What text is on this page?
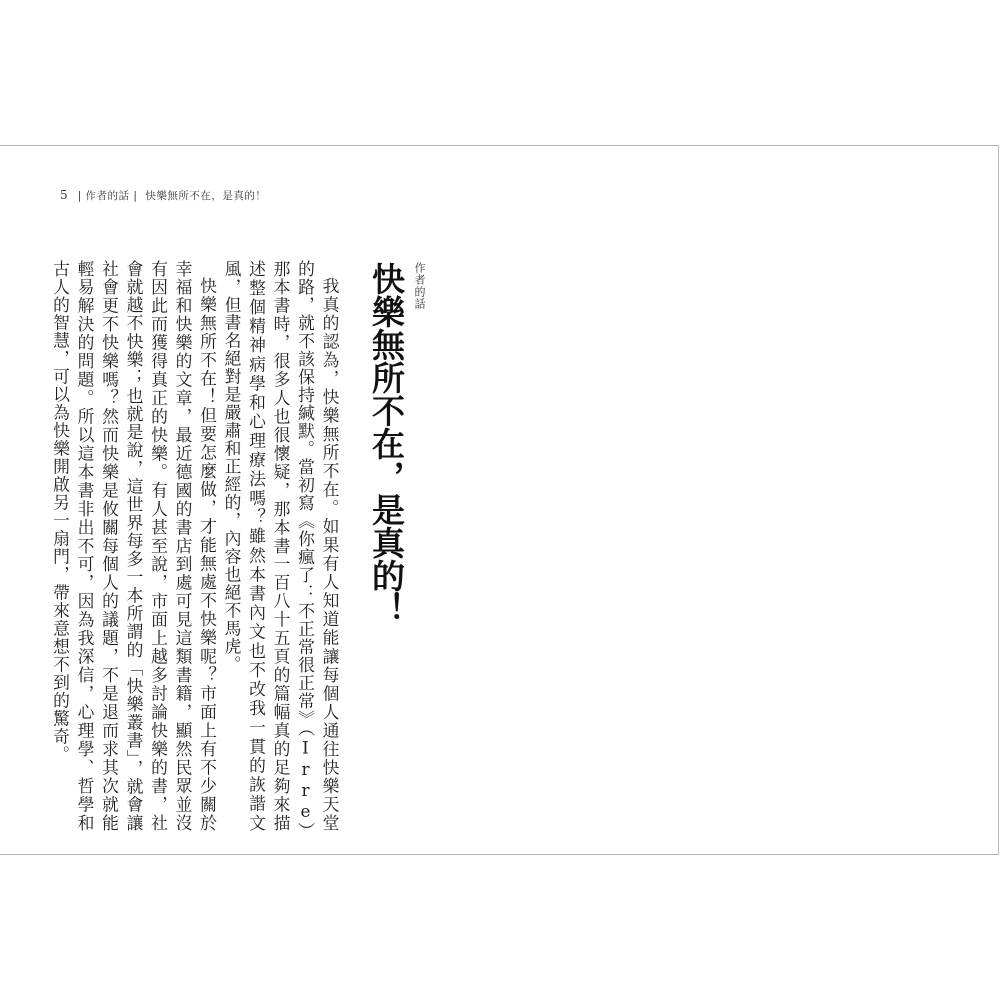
5 | 作者的話 | 快樂無所不在，是真的！
作者的話
快樂無所不在，是真的！

我真的認為，快樂無所不在。如果有人知道能讓每個人通往快樂天堂的路，就不該保持緘默。當初寫《你瘋了：不正常很正常》（Irre）那本書時，很多人也很懷疑，那本書一百八十五頁的篇幅真的足夠來描述整個精神病學和心理療法嗎？雖然本書內文也不改我一貫的詼諧文風，但書名絕對是嚴肅和正經的，內容也絕不馬虎。

快樂無所不在！但要怎麼做，才能無處不快樂呢？市面上有不少關於幸福和快樂的文章，最近德國的書店到處可見這類書籍，顯然民眾並沒有因此而獲得真正的快樂。有人甚至說，市面上越多討論快樂的書，社會就越不快樂；也就是說，這世界每多一本所謂的「快樂叢書」，就會讓社會更不快樂嗎？然而快樂是攸關每個人的議題，不是退而求其次就能輕易解決的問題。所以這本書非出不可，因為我深信，心理學、哲學和古人的智慧，可以為快樂開啟另一扇門，帶來意想不到的驚奇。
